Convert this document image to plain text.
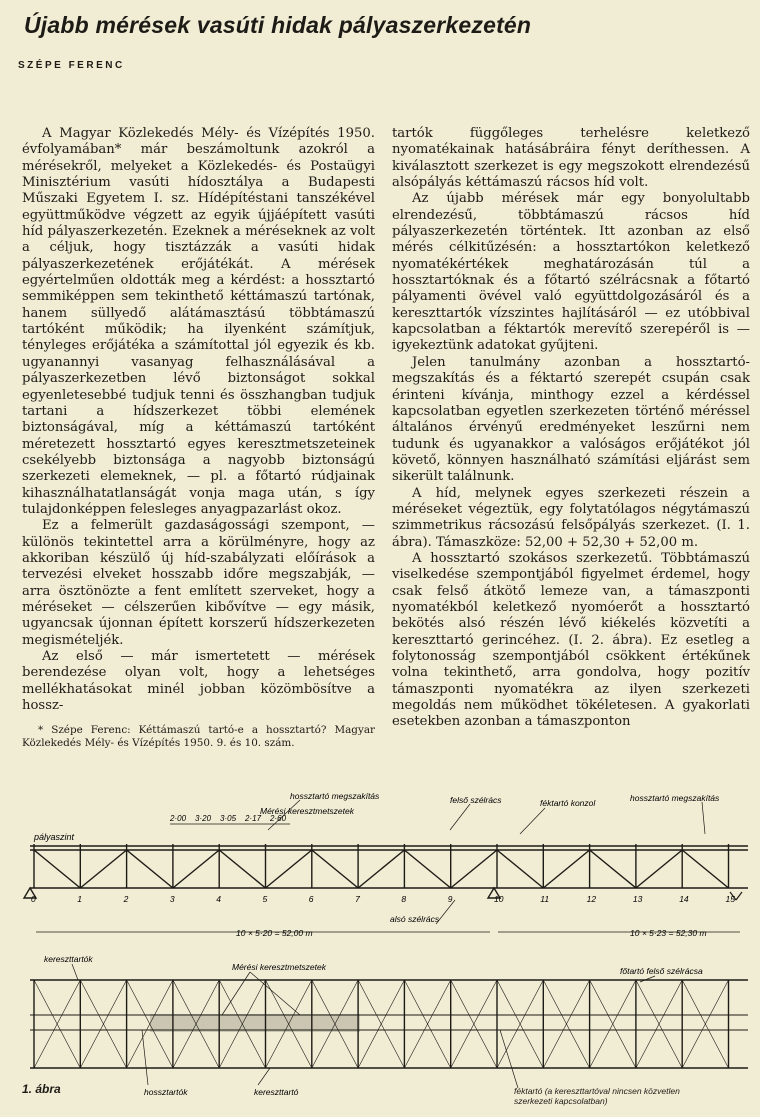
Újabb mérések vasúti hidak pályaszerkezetén
SZÉPE FERENC

A Magyar Közlekedés Mély- és Vízépítés 1950. évfolyamában* már beszámoltunk azokról a mérésekről, melyeket a Közlekedés- és Postaügyi Minisztérium vasúti hídosztálya a Budapesti Műszaki Egyetem I. sz. Hídépítéstani tanszékével együttműködve végzett az egyik újjáépített vasúti híd pályaszerkezetén. Ezeknek a méréseknek az volt a céljuk, hogy tisztázzák a vasúti hidak pályaszerkezetének erőjátékát. A mérések egyértelműen oldották meg a kérdést: a hossztartó semmiképpen sem tekinthető kéttámaszú tartónak, hanem süllyedő alátámasztású többtámaszú tartóként működik; ha ilyenként számítjuk, tényleges erőjátéka a számítottal jól egyezik és kb. ugyanannyi vasanyag felhasználásával a pályaszerkezetben lévő biztonságot sokkal egyenletesebbé tudjuk tenni és összhangban tudjuk tartani a hídszerkezet többi elemének biztonságával, míg a kéttámaszú tartóként méretezett hossztartó egyes keresztmetszeteinek csekélyebb biztonsága a nagyobb biztonságú szerkezeti elemeknek, — pl. a főtartó rúdjainak kihasználhatatlanságát vonja maga után, s így tulajdonképpen felesleges anyagpazarlást okoz.

Ez a felmerült gazdaságossági szempont, — különös tekintettel arra a körülményre, hogy az akkoriban készülő új híd-szabályzati előírások a tervezési elveket hosszabb időre megszabják, — arra ösztönözte a fent említett szerveket, hogy a méréseket — célszerűen kibővítve — egy másik, ugyancsak újonnan épített korszerű hídszerkezeten megismételjék.

Az első — már ismertetett — mérések berendezése olyan volt, hogy a lehetséges mellékhatásokat minél jobban közömbösítve a hossz-

* Szépe Ferenc: Kéttámaszú tartó-e a hossztartó? Magyar Közlekedés Mély- és Vízépítés 1950. 9. és 10. szám.

tartók függőleges terhelésre keletkező nyomatékainak hatásábráira fényt deríthessen. A kiválasztott szerkezet is egy megszokott elrendezésű alsópályás kéttámaszú rácsos híd volt.

Az újabb mérések már egy bonyolultabb elrendezésű, többtámaszú rácsos híd pályaszerkezetén történtek. Itt azonban az első mérés célkitűzésén: a hossztartókon keletkező nyomatékértékek meghatározásán túl a hossztartóknak és a főtartó szélrácsnak a főtartó pályamenti övével való együttdolgozásáról és a kereszttartók vízszintes hajlításáról — ez utóbbival kapcsolatban a féktartók merevítő szerepéről is — igyekeztünk adatokat gyűjteni.

Jelen tanulmány azonban a hossztartó-megszakítás és a féktartó szerepét csupán csak érinteni kívánja, minthogy ezzel a kérdéssel kapcsolatban egyetlen szerkezeten történő méréssel általános érvényű eredményeket leszűrni nem tudunk és ugyanakkor a valóságos erőjátékot jól követő, könnyen használható számítási eljárást sem sikerült találnunk.

A híd, melynek egyes szerkezeti részein a méréseket végeztük, egy folytatólagos négytámaszú szimmetrikus rácsozású felsőpályás szerkezet. (I. 1. ábra). Támaszköze: 52,00 + 52,30 + 52,00 m.

A hossztartó szokásos szerkezetű. Többtámaszú viselkedése szempontjából figyelmet érdemel, hogy csak felső átkötő lemeze van, a támaszponti nyomatékból keletkező nyomóerőt a hossztartó bekötés alsó részén lévő kiékelés közvetíti a kereszttartó gerincéhez. (I. 2. ábra). Ez esetleg a folytonosság szempontjából csökkent értékűnek volna tekinthető, arra gondolva, hogy pozitív támaszponti nyomatékra az ilyen szerkezeti megoldás nem működhet tökéletesen. A gyakorlati esetekben azonban a támaszponton

hossztartó megszakítás
Mérési keresztmetszetek
felső szélrács	féktartó konzol	hossztartó megszakítás
pályaszint
alsó szélrács
10 × 5·20 = 52,00 m	10 × 5·23 = 52,30 m
2·00 3·20 3·05 2·17 2·60
0	1	2	3	4	5	6	7	8	9	10	11	12	13	14	15
kereszttartók
Mérési keresztmetszetek	főtartó felső szélrácsa
hossztartók	kereszttartó	féktartó (a kereszttartóval nincsen közvetlen szerkezeti kapcsolatban)
1. ábra
